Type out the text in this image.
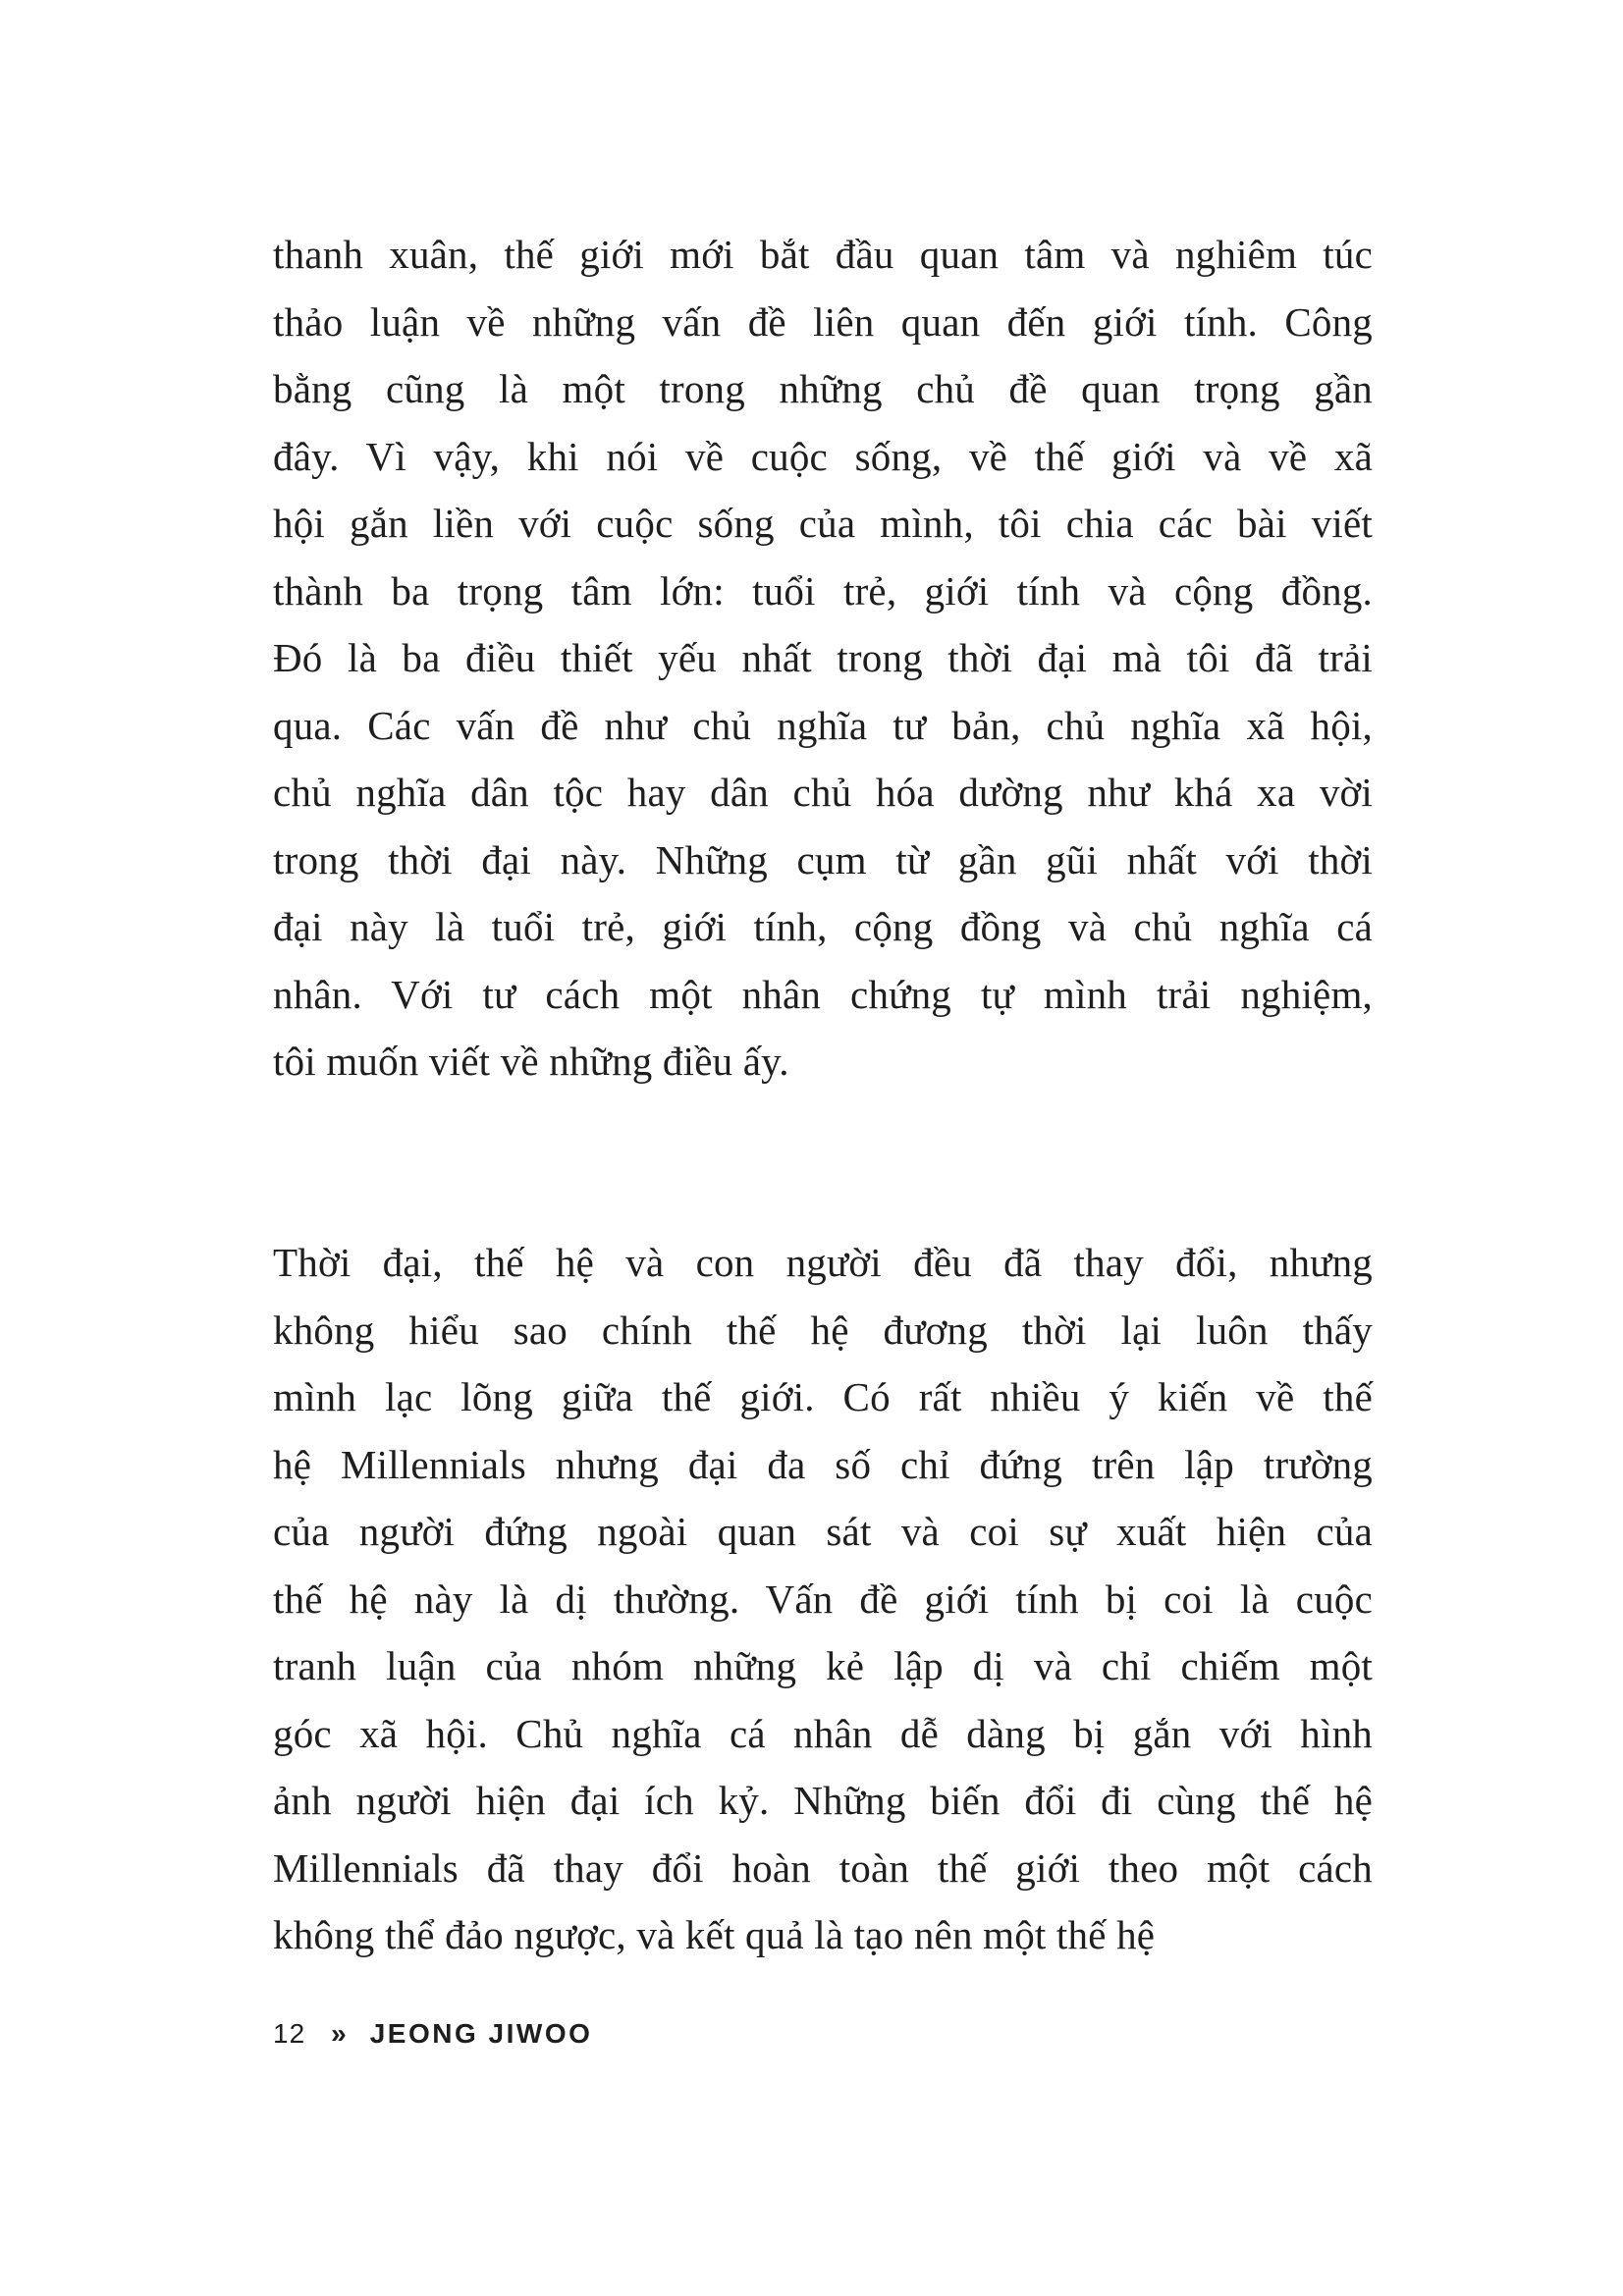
thanh xuân, thế giới mới bắt đầu quan tâm và nghiêm túc
thảo luận về những vấn đề liên quan đến giới tính. Công
bằng cũng là một trong những chủ đề quan trọng gần
đây. Vì vậy, khi nói về cuộc sống, về thế giới và về xã
hội gắn liền với cuộc sống của mình, tôi chia các bài viết
thành ba trọng tâm lớn: tuổi trẻ, giới tính và cộng đồng.
Đó là ba điều thiết yếu nhất trong thời đại mà tôi đã trải
qua. Các vấn đề như chủ nghĩa tư bản, chủ nghĩa xã hội,
chủ nghĩa dân tộc hay dân chủ hóa dường như khá xa vời
trong thời đại này. Những cụm từ gần gũi nhất với thời
đại này là tuổi trẻ, giới tính, cộng đồng và chủ nghĩa cá
nhân. Với tư cách một nhân chứng tự mình trải nghiệm,
tôi muốn viết về những điều ấy.
Thời đại, thế hệ và con người đều đã thay đổi, nhưng
không hiểu sao chính thế hệ đương thời lại luôn thấy
mình lạc lõng giữa thế giới. Có rất nhiều ý kiến về thế
hệ Millennials nhưng đại đa số chỉ đứng trên lập trường
của người đứng ngoài quan sát và coi sự xuất hiện của
thế hệ này là dị thường. Vấn đề giới tính bị coi là cuộc
tranh luận của nhóm những kẻ lập dị và chỉ chiếm một
góc xã hội. Chủ nghĩa cá nhân dễ dàng bị gắn với hình
ảnh người hiện đại ích kỷ. Những biến đổi đi cùng thế hệ
Millennials đã thay đổi hoàn toàn thế giới theo một cách
không thể đảo ngược, và kết quả là tạo nên một thế hệ
12 » JEONG JIWOO
